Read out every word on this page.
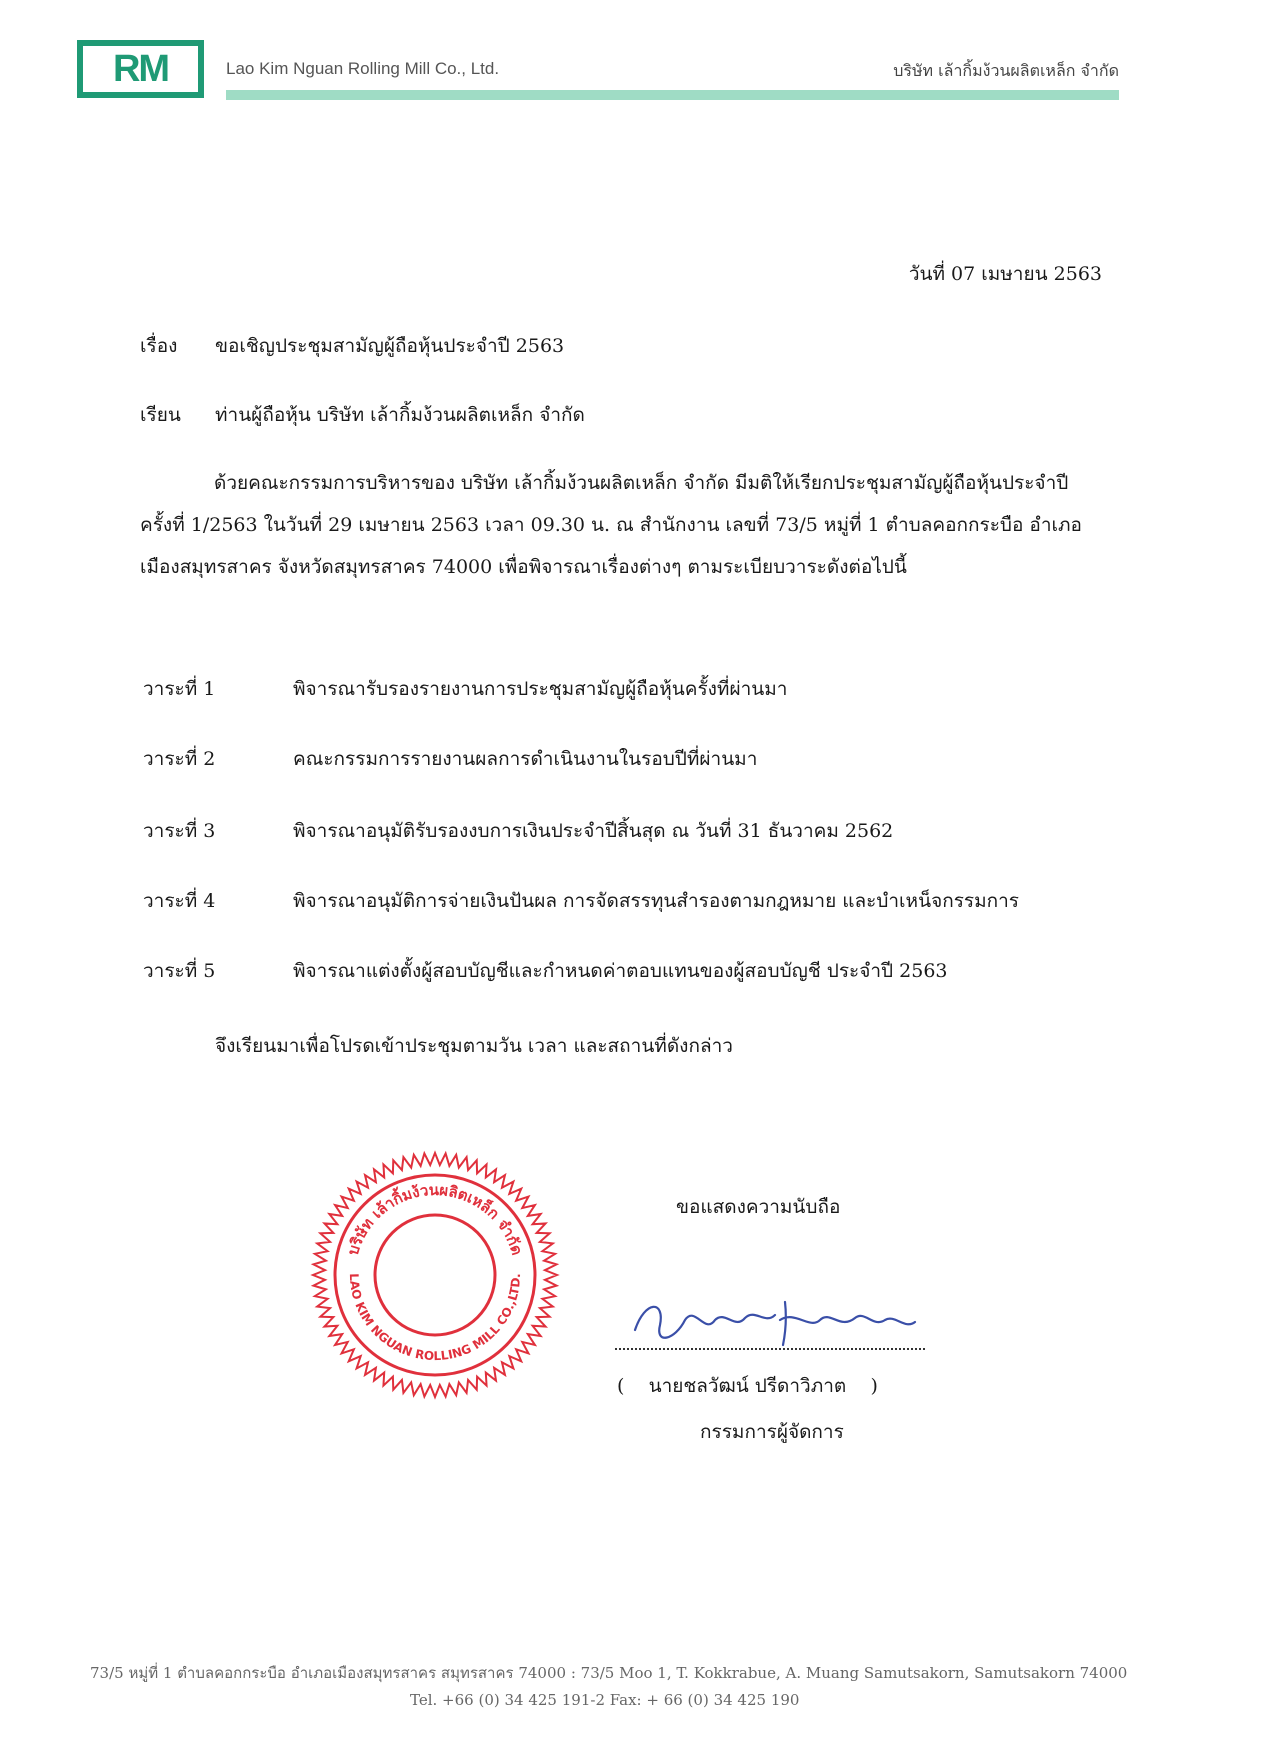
RM	Lao Kim Nguan Rolling Mill Co., Ltd.	บริษัท เล้ากิ้มง้วนผลิตเหล็ก จำกัด
วันที่ 07 เมษายน 2563
เรื่อง ขอเชิญประชุมสามัญผู้ถือหุ้นประจำปี 2563
เรียน ท่านผู้ถือหุ้น บริษัท เล้ากิ้มง้วนผลิตเหล็ก จำกัด
ด้วยคณะกรรมการบริหารของ บริษัท เล้ากิ้มง้วนผลิตเหล็ก จำกัด มีมติให้เรียกประชุมสามัญผู้ถือหุ้นประจำปี ครั้งที่ 1/2563 ในวันที่ 29 เมษายน 2563 เวลา 09.30 น. ณ สำนักงาน เลขที่ 73/5 หมู่ที่ 1 ตำบลคอกกระบือ อำเภอเมืองสมุทรสาคร จังหวัดสมุทรสาคร 74000 เพื่อพิจารณาเรื่องต่างๆ ตามระเบียบวาระดังต่อไปนี้
วาระที่ 1	พิจารณารับรองรายงานการประชุมสามัญผู้ถือหุ้นครั้งที่ผ่านมา
วาระที่ 2	คณะกรรมการรายงานผลการดำเนินงานในรอบปีที่ผ่านมา
วาระที่ 3	พิจารณาอนุมัติรับรองงบการเงินประจำปีสิ้นสุด ณ วันที่ 31 ธันวาคม 2562
วาระที่ 4	พิจารณาอนุมัติการจ่ายเงินปันผล การจัดสรรทุนสำรองตามกฎหมาย และบำเหน็จกรรมการ
วาระที่ 5	พิจารณาแต่งตั้งผู้สอบบัญชีและกำหนดค่าตอบแทนของผู้สอบบัญชี ประจำปี 2563
จึงเรียนมาเพื่อโปรดเข้าประชุมตามวัน เวลา และสถานที่ดังกล่าว
บริษัท เล้ากิ้มง้วนผลิตเหล็ก จำกัด
LAO KIM NGUAN ROLLING MILL CO.,LTD.
ขอแสดงความนับถือ
( นายชลวัฒน์ ปรีดาวิภาต )
กรรมการผู้จัดการ
73/5 หมู่ที่ 1 ตำบลคอกกระบือ อำเภอเมืองสมุทรสาคร สมุทรสาคร 74000 : 73/5 Moo 1, T. Kokkrabue, A. Muang Samutsakorn, Samutsakorn 74000
Tel. +66 (0) 34 425 191-2 Fax: + 66 (0) 34 425 190
